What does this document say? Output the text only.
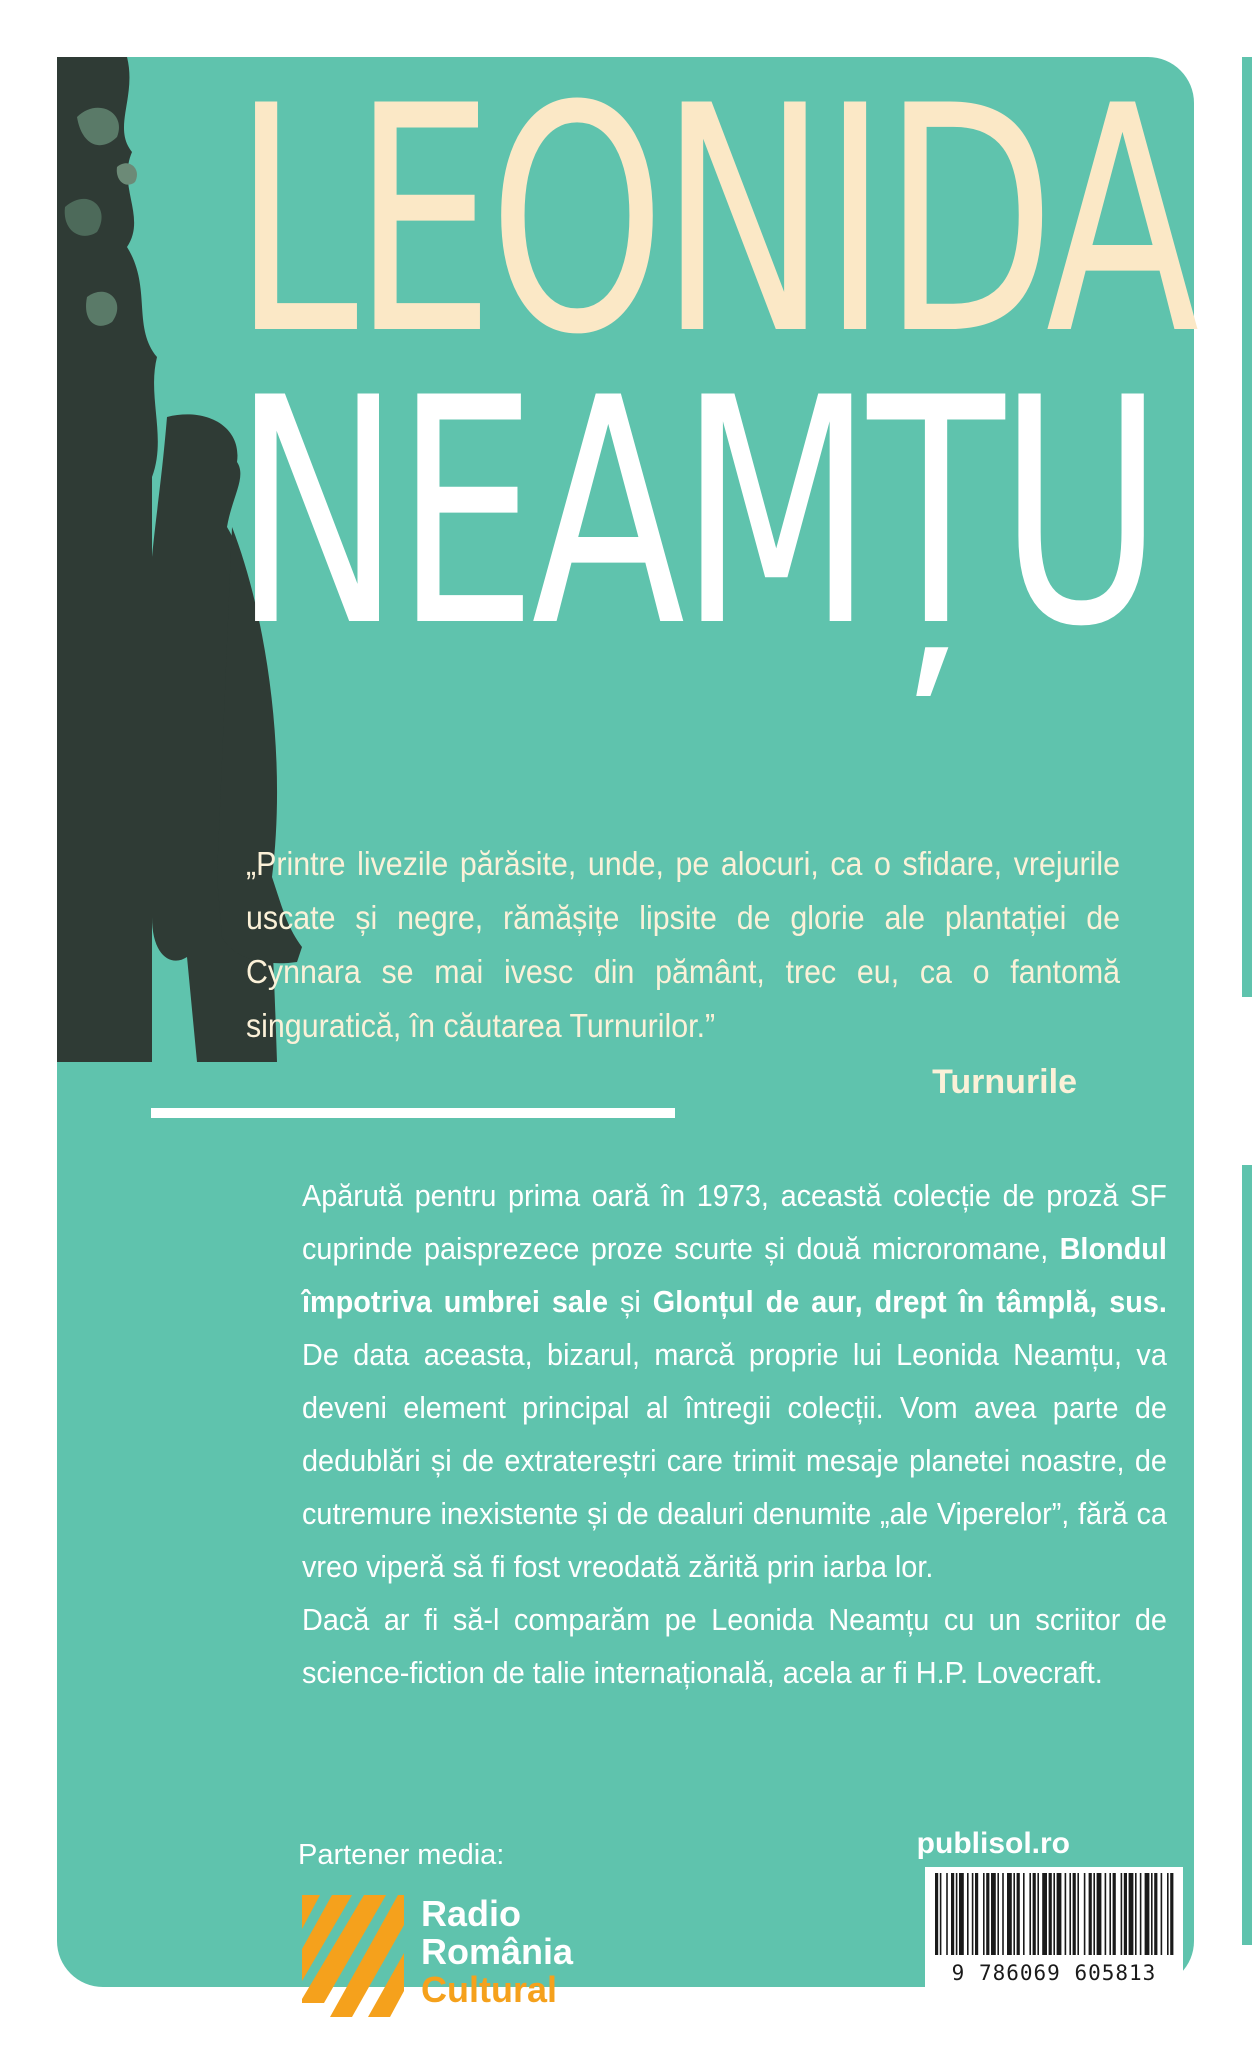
LEONIDA
NEAMȚU

„Printre livezile părăsite, unde, pe alocuri, ca o sfidare, vrejurile uscate și negre, rămășițe lipsite de glorie ale plantației de Cynnara se mai ivesc din pământ, trec eu, ca o fantomă singuratică, în căutarea Turnurilor.”

Turnurile

Apărută pentru prima oară în 1973, această colecție de proză SF cuprinde paisprezece proze scurte și două microromane, Blondul împotriva umbrei sale și Glonțul de aur, drept în tâmplă, sus. De data aceasta, bizarul, marcă proprie lui Leonida Neamțu, va deveni element principal al întregii colecții. Vom avea parte de dedublări și de extratereștri care trimit mesaje planetei noastre, de cutremure inexistente și de dealuri denumite „ale Viperelor”, fără ca vreo viperă să fi fost vreodată zărită prin iarba lor.

Dacă ar fi să-l comparăm pe Leonida Neamțu cu un scriitor de science-fiction de talie internațională, acela ar fi H.P. Lovecraft.

Partener media:
Radio
România
Cultural
publisol.ro
9 786069 605813
ISBN 978-606-9605-81-3
